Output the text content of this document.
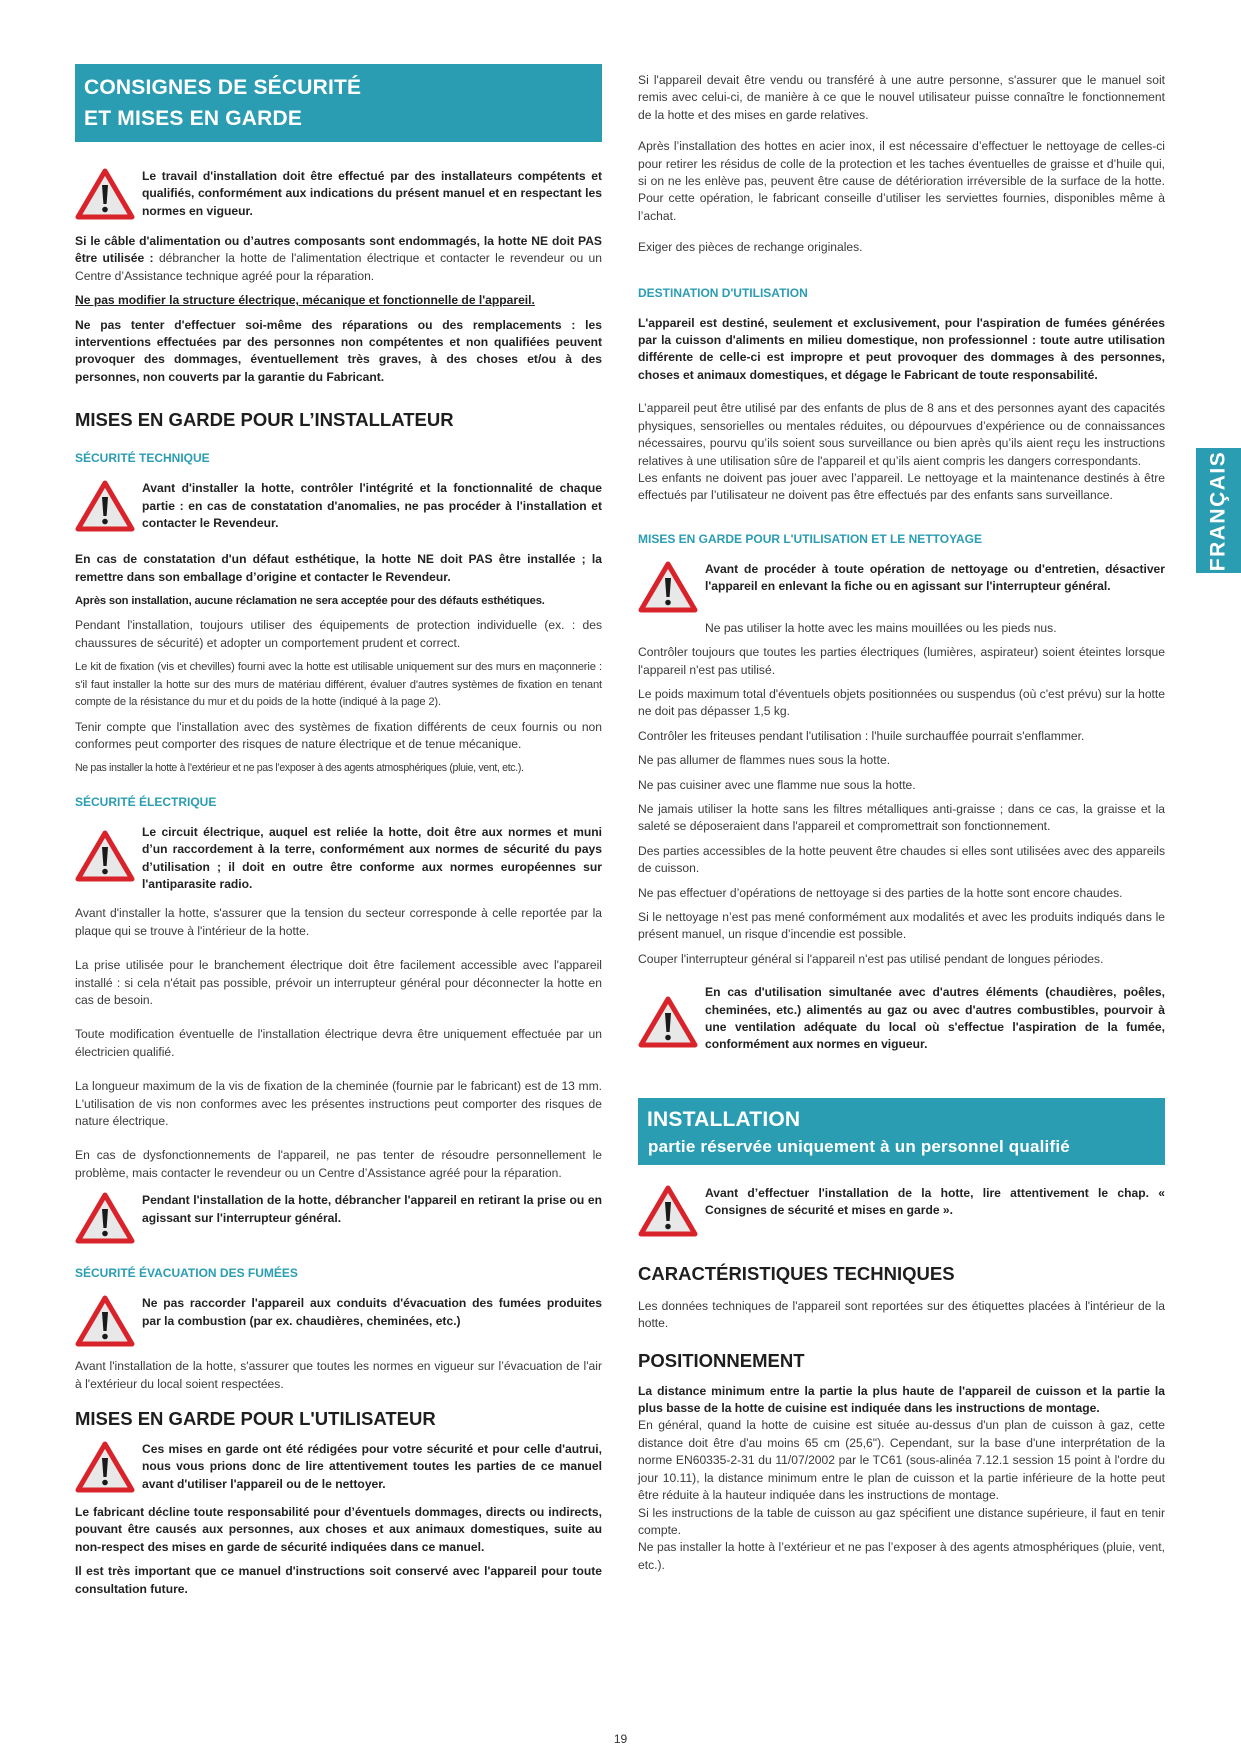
CONSIGNES DE SÉCURITÉ
ET MISES EN GARDE

Le travail d'installation doit être effectué par des installateurs compétents et qualifiés, conformément aux indications du présent manuel et en respectant les normes en vigueur.

Si le câble d'alimentation ou d’autres composants sont endommagés, la hotte NE doit PAS être utilisée : débrancher la hotte de l'alimentation électrique et contacter le revendeur ou un Centre d’Assistance technique agréé pour la réparation.

Ne pas modifier la structure électrique, mécanique et fonctionnelle de l'appareil.

Ne pas tenter d'effectuer soi-même des réparations ou des remplacements : les interventions effectuées par des personnes non compétentes et non qualifiées peuvent provoquer des dommages, éventuellement très graves, à des choses et/ou à des personnes, non couverts par la garantie du Fabricant.

MISES EN GARDE POUR L’INSTALLATEUR
SÉCURITÉ TECHNIQUE

Avant d'installer la hotte, contrôler l'intégrité et la fonctionnalité de chaque partie : en cas de constatation d'anomalies, ne pas procéder à l'installation et contacter le Revendeur.

En cas de constatation d'un défaut esthétique, la hotte NE doit PAS être installée ; la remettre dans son emballage d’origine et contacter le Revendeur.

Après son installation, aucune réclamation ne sera acceptée pour des défauts esthétiques.

Pendant l'installation, toujours utiliser des équipements de protection individuelle (ex. : des chaussures de sécurité) et adopter un comportement prudent et correct.

Le kit de fixation (vis et chevilles) fourni avec la hotte est utilisable uniquement sur des murs en maçonnerie : s'il faut installer la hotte sur des murs de matériau différent, évaluer d'autres systèmes de fixation en tenant compte de la résistance du mur et du poids de la hotte (indiqué à la page 2).

Tenir compte que l'installation avec des systèmes de fixation différents de ceux fournis ou non conformes peut comporter des risques de nature électrique et de tenue mécanique.

Ne pas installer la hotte à l’extérieur et ne pas l’exposer à des agents atmosphériques (pluie, vent, etc.).

SÉCURITÉ ÉLECTRIQUE

Le circuit électrique, auquel est reliée la hotte, doit être aux normes et muni d’un raccordement à la terre, conformément aux normes de sécurité du pays d’utilisation ; il doit en outre être conforme aux normes européennes sur l'antiparasite radio.

Avant d'installer la hotte, s'assurer que la tension du secteur corresponde à celle reportée par la plaque qui se trouve à l'intérieur de la hotte.

La prise utilisée pour le branchement électrique doit être facilement accessible avec l'appareil installé : si cela n'était pas possible, prévoir un interrupteur général pour déconnecter la hotte en cas de besoin.

Toute modification éventuelle de l'installation électrique devra être uniquement effectuée par un électricien qualifié.

La longueur maximum de la vis de fixation de la cheminée (fournie par le fabricant) est de 13 mm. L'utilisation de vis non conformes avec les présentes instructions peut comporter des risques de nature électrique.

En cas de dysfonctionnements de l'appareil, ne pas tenter de résoudre personnellement le problème, mais contacter le revendeur ou un Centre d’Assistance agréé pour la réparation.

Pendant l'installation de la hotte, débrancher l'appareil en retirant la prise ou en agissant sur l'interrupteur général.

SÉCURITÉ ÉVACUATION DES FUMÉES

Ne pas raccorder l'appareil aux conduits d'évacuation des fumées produites par la combustion (par ex. chaudières, cheminées, etc.)

Avant l'installation de la hotte, s'assurer que toutes les normes en vigueur sur l’évacuation de l'air à l'extérieur du local soient respectées.

MISES EN GARDE POUR L'UTILISATEUR

Ces mises en garde ont été rédigées pour votre sécurité et pour celle d'autrui, nous vous prions donc de lire attentivement toutes les parties de ce manuel avant d'utiliser l'appareil ou de le nettoyer.

Le fabricant décline toute responsabilité pour d’éventuels dommages, directs ou indirects, pouvant être causés aux personnes, aux choses et aux animaux domestiques, suite au non-respect des mises en garde de sécurité indiquées dans ce manuel.

Il est très important que ce manuel d'instructions soit conservé avec l'appareil pour toute consultation future.

Si l'appareil devait être vendu ou transféré à une autre personne, s'assurer que le manuel soit remis avec celui-ci, de manière à ce que le nouvel utilisateur puisse connaître le fonctionnement de la hotte et des mises en garde relatives.

Après l’installation des hottes en acier inox, il est nécessaire d’effectuer le nettoyage de celles-ci pour retirer les résidus de colle de la protection et les taches éventuelles de graisse et d’huile qui, si on ne les enlève pas, peuvent être cause de détérioration irréversible de la surface de la hotte. Pour cette opération, le fabricant conseille d’utiliser les serviettes fournies, disponibles même à l’achat.

Exiger des pièces de rechange originales.

DESTINATION D'UTILISATION

L'appareil est destiné, seulement et exclusivement, pour l'aspiration de fumées générées par la cuisson d'aliments en milieu domestique, non professionnel : toute autre utilisation différente de celle-ci est impropre et peut provoquer des dommages à des personnes, choses et animaux domestiques, et dégage le Fabricant de toute responsabilité.

L’appareil peut être utilisé par des enfants de plus de 8 ans et des personnes ayant des capacités physiques, sensorielles ou mentales réduites, ou dépourvues d’expérience ou de connaissances nécessaires, pourvu qu’ils soient sous surveillance ou bien après qu’ils aient reçu les instructions relatives à une utilisation sûre de l'appareil et qu’ils aient compris les dangers correspondants.

Les enfants ne doivent pas jouer avec l’appareil. Le nettoyage et la maintenance destinés à être effectués par l’utilisateur ne doivent pas être effectués par des enfants sans surveillance.

MISES EN GARDE POUR L'UTILISATION ET LE NETTOYAGE

Avant de procéder à toute opération de nettoyage ou d'entretien, désactiver l'appareil en enlevant la fiche ou en agissant sur l'interrupteur général.

Ne pas utiliser la hotte avec les mains mouillées ou les pieds nus.

Contrôler toujours que toutes les parties électriques (lumières, aspirateur) soient éteintes lorsque l'appareil n'est pas utilisé.

Le poids maximum total d'éventuels objets positionnées ou suspendus (où c'est prévu) sur la hotte ne doit pas dépasser 1,5 kg.

Contrôler les friteuses pendant l'utilisation : l'huile surchauffée pourrait s'enflammer.

Ne pas allumer de flammes nues sous la hotte.

Ne pas cuisiner avec une flamme nue sous la hotte.

Ne jamais utiliser la hotte sans les filtres métalliques anti-graisse ; dans ce cas, la graisse et la saleté se déposeraient dans l'appareil et compromettrait son fonctionnement.

Des parties accessibles de la hotte peuvent être chaudes si elles sont utilisées avec des appareils de cuisson.

Ne pas effectuer d’opérations de nettoyage si des parties de la hotte sont encore chaudes.

Si le nettoyage n’est pas mené conformément aux modalités et avec les produits indiqués dans le présent manuel, un risque d’incendie est possible.

Couper l'interrupteur général si l'appareil n'est pas utilisé pendant de longues périodes.

En cas d'utilisation simultanée avec d'autres éléments (chaudières, poêles, cheminées, etc.) alimentés au gaz ou avec d'autres combustibles, pourvoir à une ventilation adéquate du local où s'effectue l'aspiration de la fumée, conformément aux normes en vigueur.

INSTALLATION
partie réservée uniquement à un personnel qualifié

Avant d’effectuer l'installation de la hotte, lire attentivement le chap. « Consignes de sécurité et mises en garde ».

CARACTÉRISTIQUES TECHNIQUES

Les données techniques de l'appareil sont reportées sur des étiquettes placées à l'intérieur de la hotte.

POSITIONNEMENT

La distance minimum entre la partie la plus haute de l'appareil de cuisson et la partie la plus basse de la hotte de cuisine est indiquée dans les instructions de montage.

En général, quand la hotte de cuisine est située au-dessus d'un plan de cuisson à gaz, cette distance doit être d'au moins 65 cm (25,6"). Cependant, sur la base d'une interprétation de la norme EN60335-2-31 du 11/07/2002 par le TC61 (sous-alinéa 7.12.1 session 15 point à l'ordre du jour 10.11), la distance minimum entre le plan de cuisson et la partie inférieure de la hotte peut être réduite à la hauteur indiquée dans les instructions de montage.

Si les instructions de la table de cuisson au gaz spécifient une distance supérieure, il faut en tenir compte.

Ne pas installer la hotte à l’extérieur et ne pas l’exposer à des agents atmosphériques (pluie, vent, etc.).

FRANÇAIS
19
